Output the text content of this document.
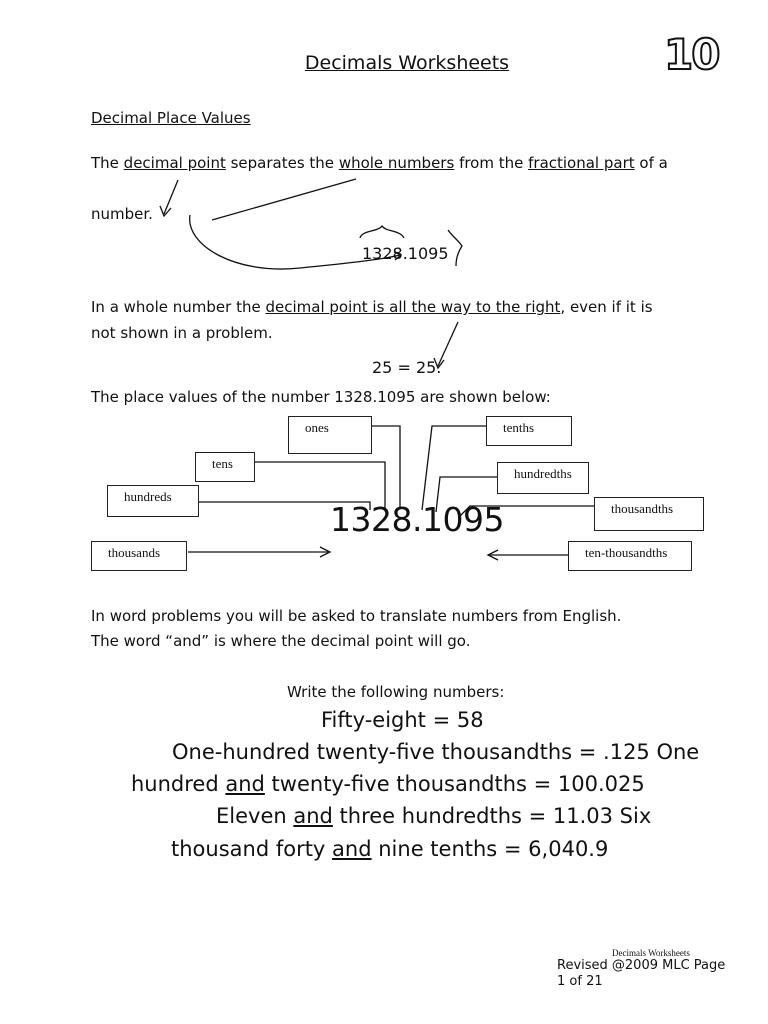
Decimals Worksheets	10
Decimal Place Values
The decimal point separates the whole numbers from the fractional part of a
number.
1328.1095
In a whole number the decimal point is all the way to the right, even if it is
not shown in a problem.
25 = 25.
The place values of the number 1328.1095 are shown below:
ones
tens
hundreds
thousands
tenths
hundredths
thousandths
ten-thousandths
1328.1095
In word problems you will be asked to translate numbers from English.
The word “and” is where the decimal point will go.
Write the following numbers:
Fifty-eight = 58
One-hundred twenty-five thousandths = .125 One
hundred and twenty-five thousandths = 100.025
Eleven and three hundredths = 11.03 Six
thousand forty and nine tenths = 6,040.9
Decimals Worksheets
Revised @2009 MLC Page
1 of 21
